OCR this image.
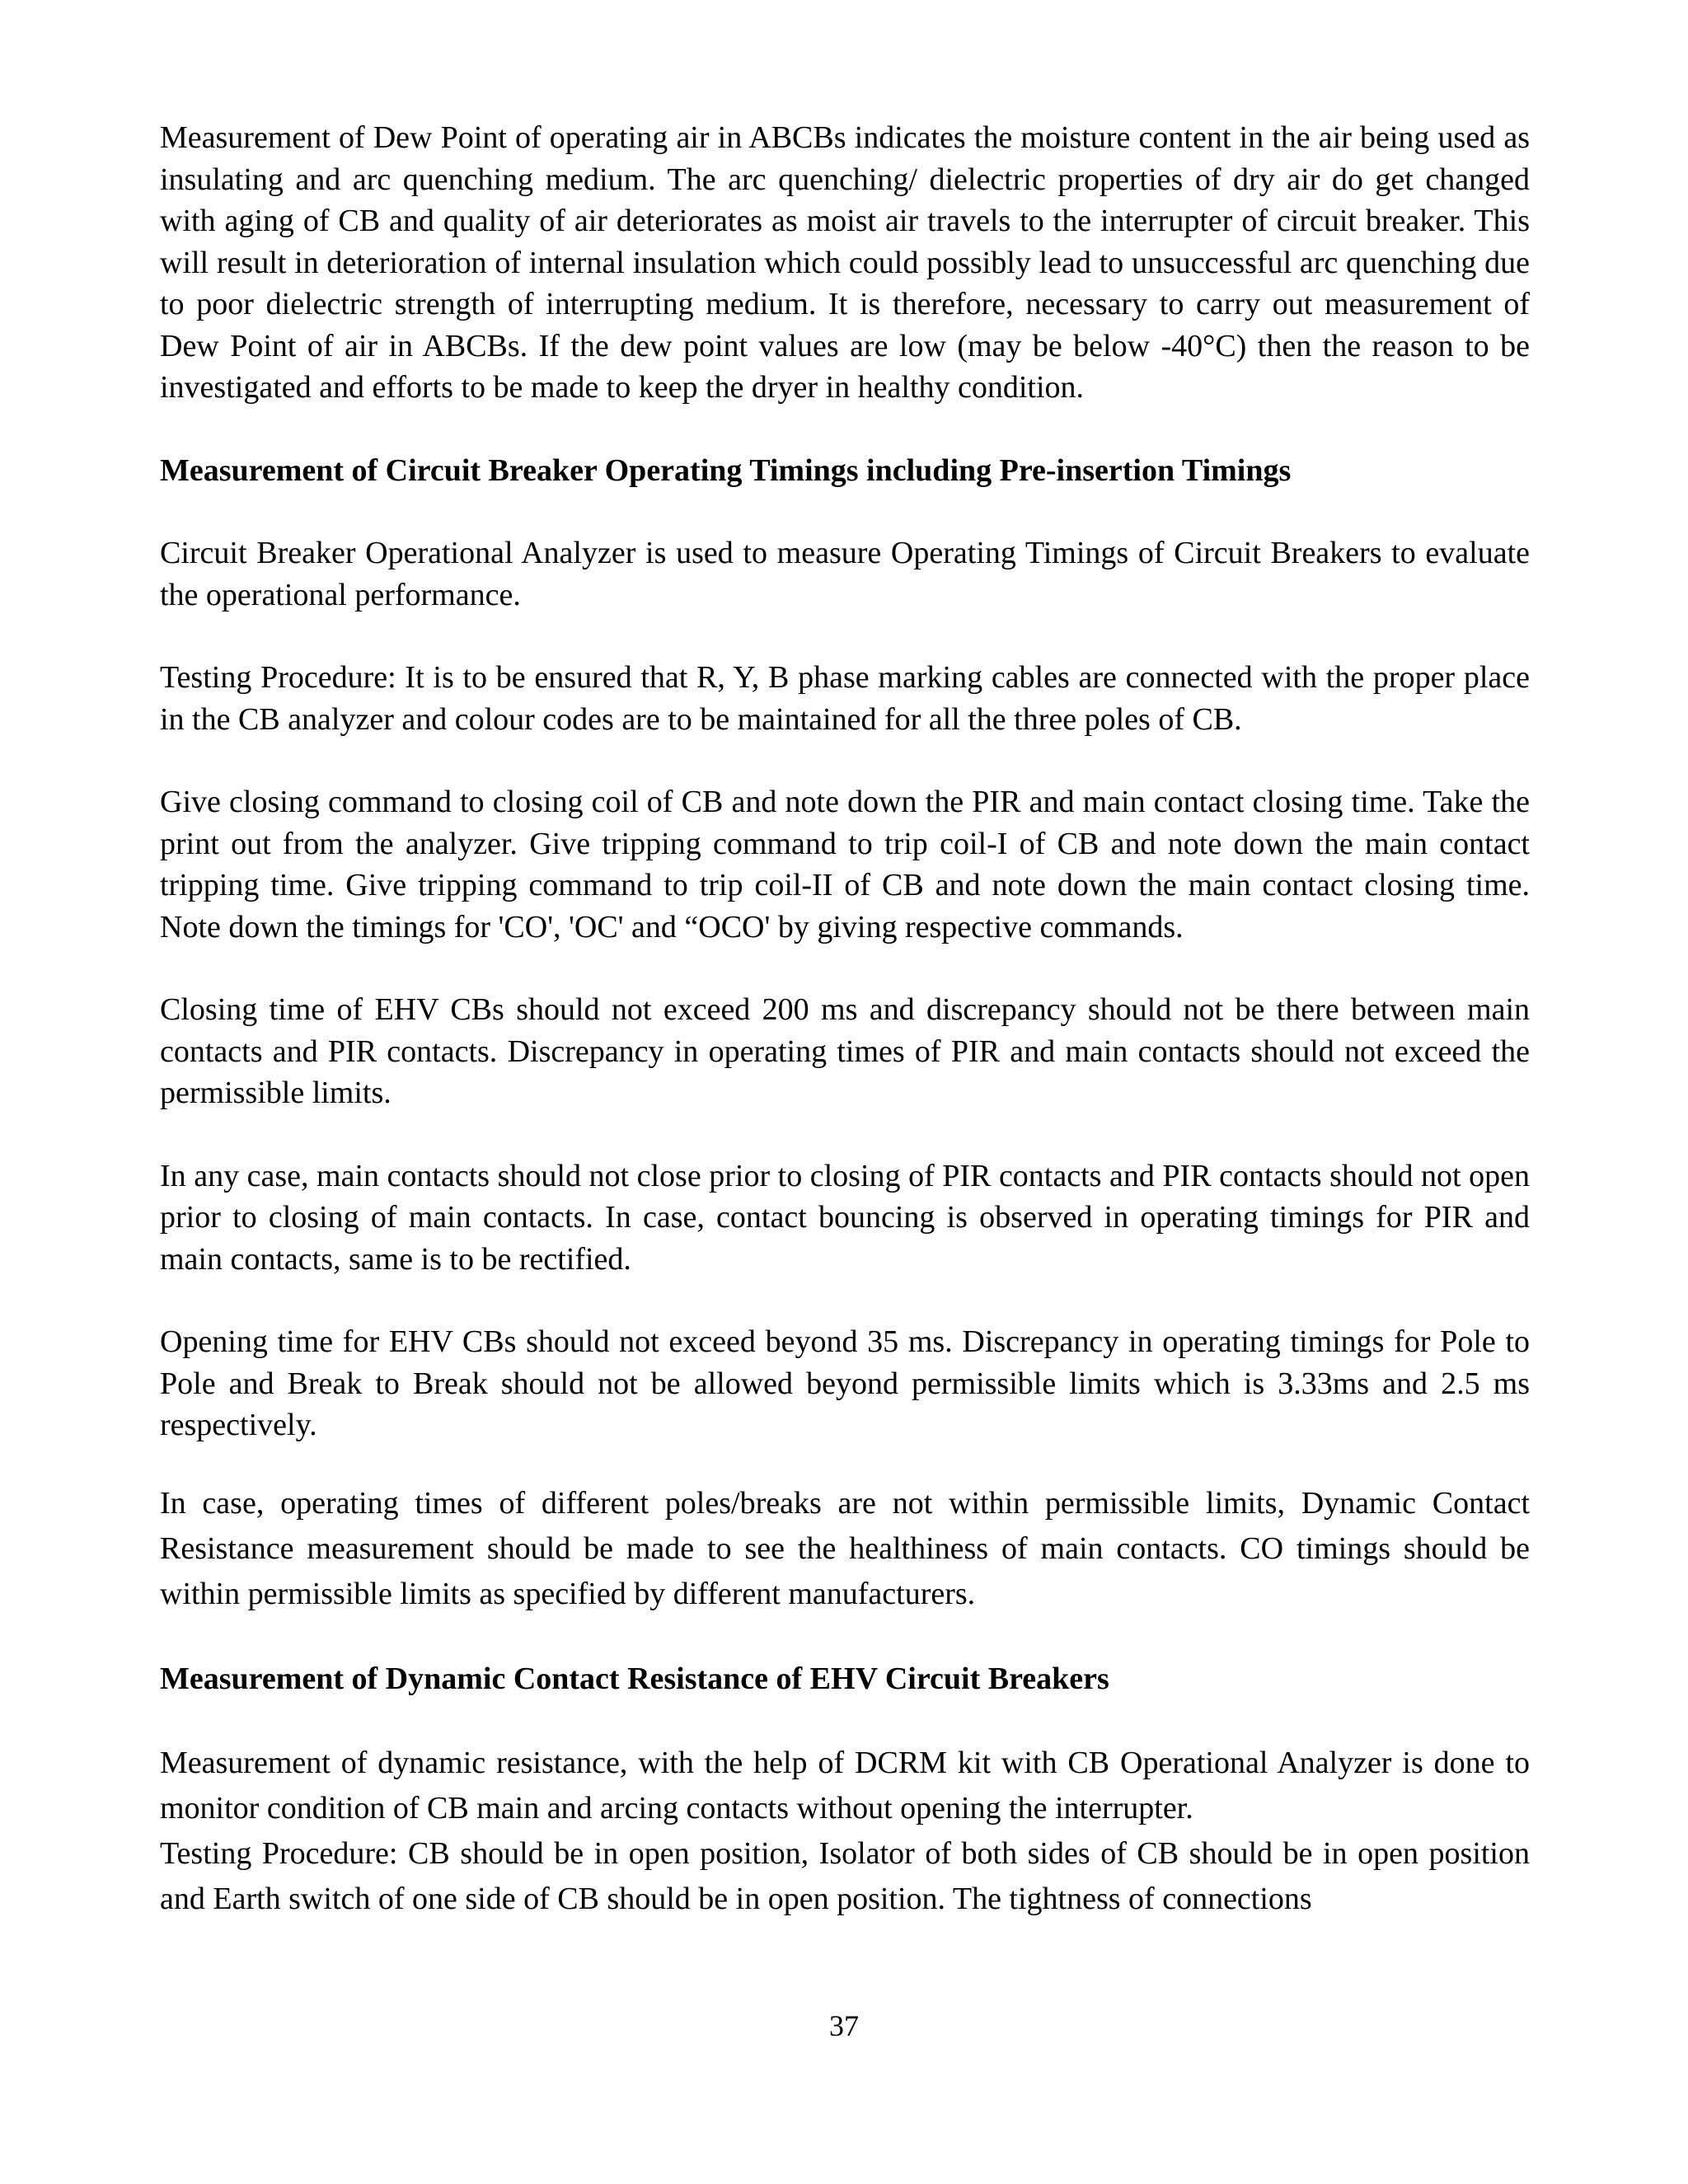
Measurement of Dew Point of operating air in ABCBs indicates the moisture content in the air being used as insulating and arc quenching medium. The arc quenching/ dielectric properties of dry air do get changed with aging of CB and quality of air deteriorates as moist air travels to the interrupter of circuit breaker. This will result in deterioration of internal insulation which could possibly lead to unsuccessful arc quenching due to poor dielectric strength of interrupting medium. It is therefore, necessary to carry out measurement of Dew Point of air in ABCBs. If the dew point values are low (may be below -40°C) then the reason to be investigated and efforts to be made to keep the dryer in healthy condition.

Measurement of Circuit Breaker Operating Timings including Pre-insertion Timings

Circuit Breaker Operational Analyzer is used to measure Operating Timings of Circuit Breakers to evaluate the operational performance.

Testing Procedure: It is to be ensured that R, Y, B phase marking cables are connected with the proper place in the CB analyzer and colour codes are to be maintained for all the three poles of CB.

Give closing command to closing coil of CB and note down the PIR and main contact closing time. Take the print out from the analyzer. Give tripping command to trip coil-I of CB and note down the main contact tripping time. Give tripping command to trip coil-II of CB and note down the main contact closing time. Note down the timings for 'CO', 'OC' and “OCO' by giving respective commands.

Closing time of EHV CBs should not exceed 200 ms and discrepancy should not be there between main contacts and PIR contacts. Discrepancy in operating times of PIR and main contacts should not exceed the permissible limits.

In any case, main contacts should not close prior to closing of PIR contacts and PIR contacts should not open prior to closing of main contacts. In case, contact bouncing is observed in operating timings for PIR and main contacts, same is to be rectified.

Opening time for EHV CBs should not exceed beyond 35 ms. Discrepancy in operating timings for Pole to Pole and Break to Break should not be allowed beyond permissible limits which is 3.33ms and 2.5 ms respectively.

In case, operating times of different poles/breaks are not within permissible limits, Dynamic Contact Resistance measurement should be made to see the healthiness of main contacts. CO timings should be within permissible limits as specified by different manufacturers.

Measurement of Dynamic Contact Resistance of EHV Circuit Breakers

Measurement of dynamic resistance, with the help of DCRM kit with CB Operational Analyzer is done to monitor condition of CB main and arcing contacts without opening the interrupter.

Testing Procedure: CB should be in open position, Isolator of both sides of CB should be in open position and Earth switch of one side of CB should be in open position. The tightness of connections

37
